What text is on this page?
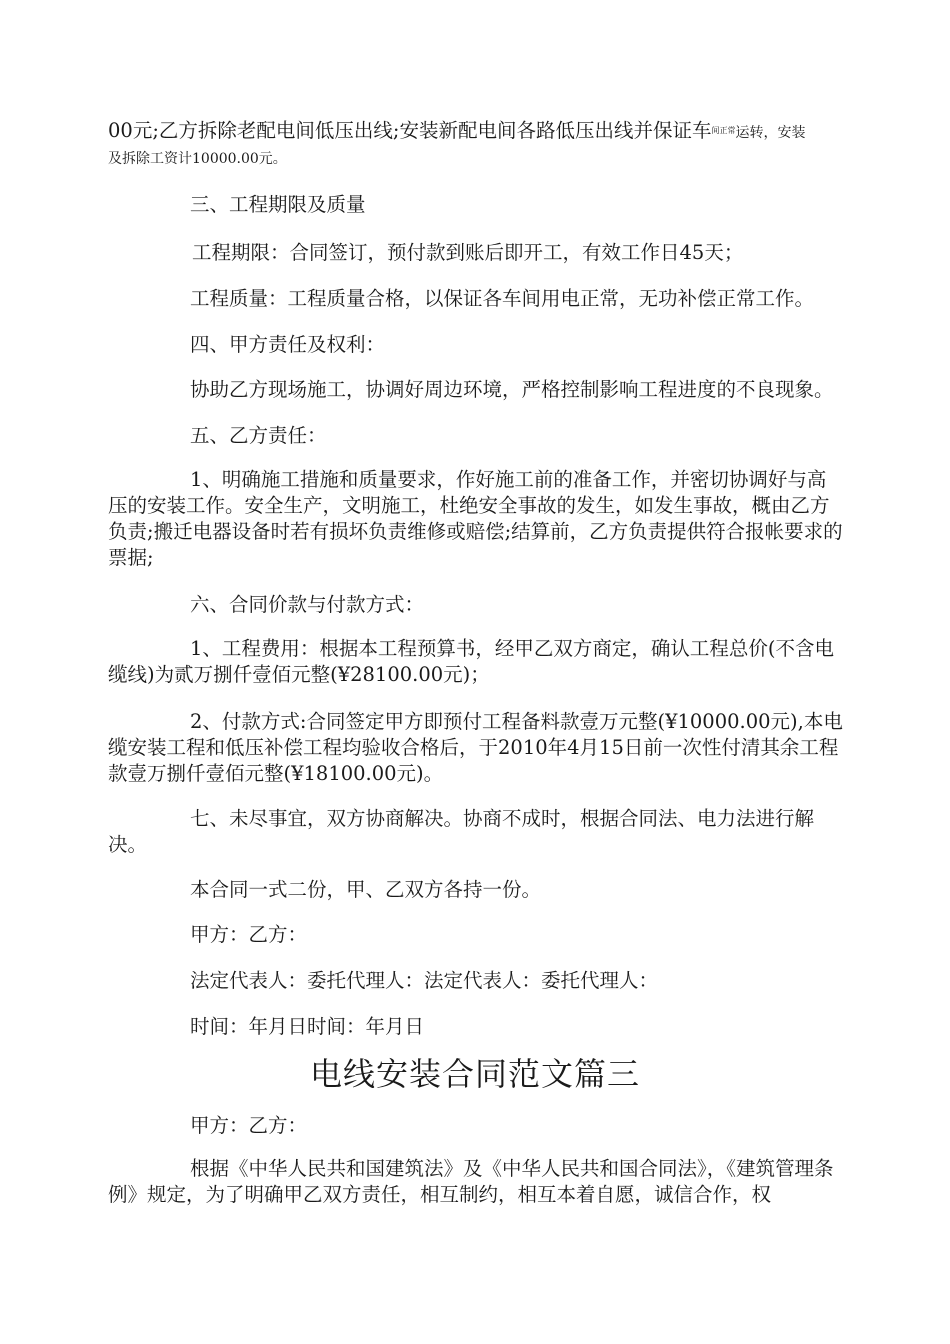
00元;乙方拆除老配电间低压出线;安装新配电间各路低压出线并保证车$^{间正常}$运转，安装

及拆除工资计10000.00元。

三、工程期限及质量

工程期限：合同签订，预付款到账后即开工，有效工作日45天；

工程质量：工程质量合格，以保证各车间用电正常，无功补偿正常工作。

四、甲方责任及权利：

协助乙方现场施工，协调好周边环境，严格控制影响工程进度的不良现象。

五、乙方责任：

1、明确施工措施和质量要求，作好施工前的准备工作，并密切协调好与高压的安装工作。安全生产，文明施工，杜绝安全事故的发生，如发生事故，概由乙方负责;搬迁电器设备时若有损坏负责维修或赔偿;结算前，乙方负责提供符合报帐要求的票据;

六、合同价款与付款方式：

1、工程费用：根据本工程预算书，经甲乙双方商定，确认工程总价(不含电缆线)为贰万捌仟壹佰元整(¥28100.00元)；

2、付款方式:合同签定甲方即预付工程备料款壹万元整(¥10000.00元),本电缆安装工程和低压补偿工程均验收合格后，于2010年4月15日前一次性付清其余工程款壹万捌仟壹佰元整(¥18100.00元)。

七、未尽事宜，双方协商解决。协商不成时，根据合同法、电力法进行解决。

本合同一式二份，甲、乙双方各持一份。

甲方：乙方：

法定代表人：委托代理人：法定代表人：委托代理人：

时间：年月日时间：年月日

电线安装合同范文篇三

甲方：乙方：

根据《中华人民共和国建筑法》及《中华人民共和国合同法》，《建筑管理条例》规定，为了明确甲乙双方责任，相互制约，相互本着自愿，诚信合作，权
